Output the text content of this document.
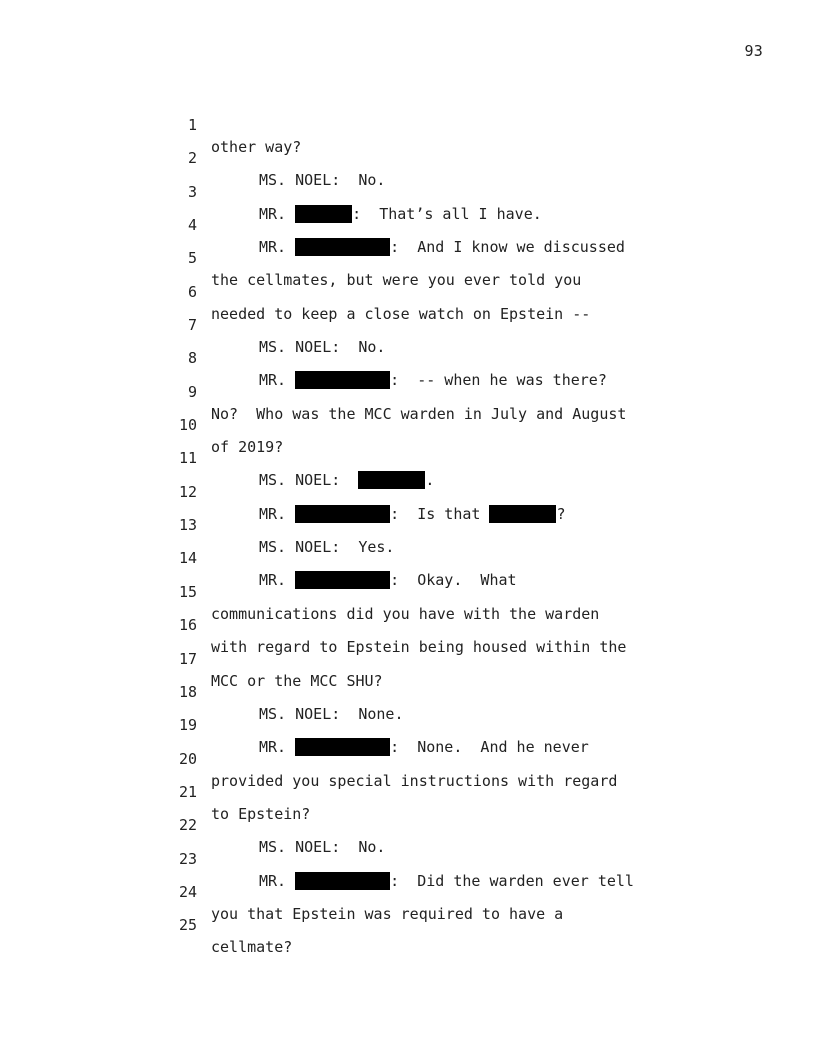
93

1

other way?

2

MS. NOEL:  No.

3

MR.	:  That’s all I have.

4

MR.	:  And I know we discussed

5

the cellmates, but were you ever told you

6

needed to keep a close watch on Epstein --

7

MS. NOEL:  No.

8

MR.	:  -- when he was there?

9

No?  Who was the MCC warden in July and August

10

of 2019?

11

MS. NOEL:	.

12

MR.	:  Is that	?

13

MS. NOEL:  Yes.

14

MR.	:  Okay.  What

15

communications did you have with the warden

16

with regard to Epstein being housed within the

17

MCC or the MCC SHU?

18

MS. NOEL:  None.

19

MR.	:  None.  And he never

20

provided you special instructions with regard

21

to Epstein?

22

MS. NOEL:  No.

23

MR.	:  Did the warden ever tell

24

you that Epstein was required to have a

25

cellmate?
